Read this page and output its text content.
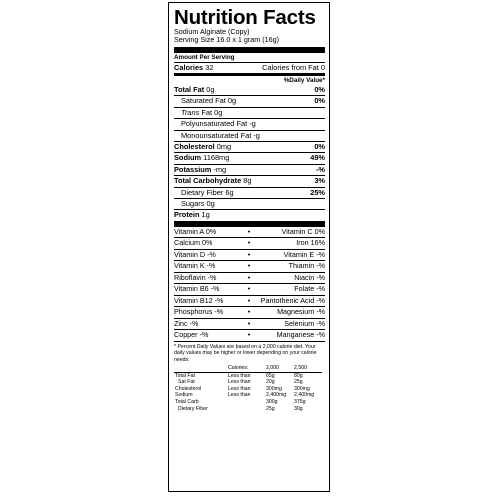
Nutrition Facts
Sodium Alginate (Copy)
Serving Size 16.0 x 1 gram (16g)
Amount Per Serving
Calories 32	Calories from Fat 0
%Daily Value*
Total Fat 0g	0%
Saturated Fat 0g	0%
Trans Fat 0g
Polyunsaturated Fat -g
Monounsaturated Fat -g
Cholesterol 0mg	0%
Sodium 1168mg	49%
Potassium -mg	-%
Total Carbohydrate 8g	3%
Dietary Fiber 6g	25%
Sugars 0g
Protein 1g
Vitamin A 0%	•	Vitamin C 0%
Calcium 0%	•	Iron 16%
Vitamin D -%	•	Vitamin E -%
Vitamin K -%	•	Thiamin -%
Riboflavin -%	•	Niacin -%
Vitamin B6 -%	•	Folate -%
Vitamin B12 -%	•	Pantothenic Acid -%
Phosphorus -%	•	Magnesium -%
Zinc -%	•	Selenium -%
Copper -%	•	Manganese -%
* Percent Daily Values are based on a 2,000 calorie diet. Your daily values may be higher or lower depending on your calorie needs:
	Calories:	2,000	2,500
Total Fat	Less than	65g	80g
Sat Fat	Less than	20g	25g
Cholesterol	Less than	300mg	300mg
Sodium	Less than	2,400mg	2,400mg
Total Carb		300g	375g
Dietary Fiber		25g	30g
